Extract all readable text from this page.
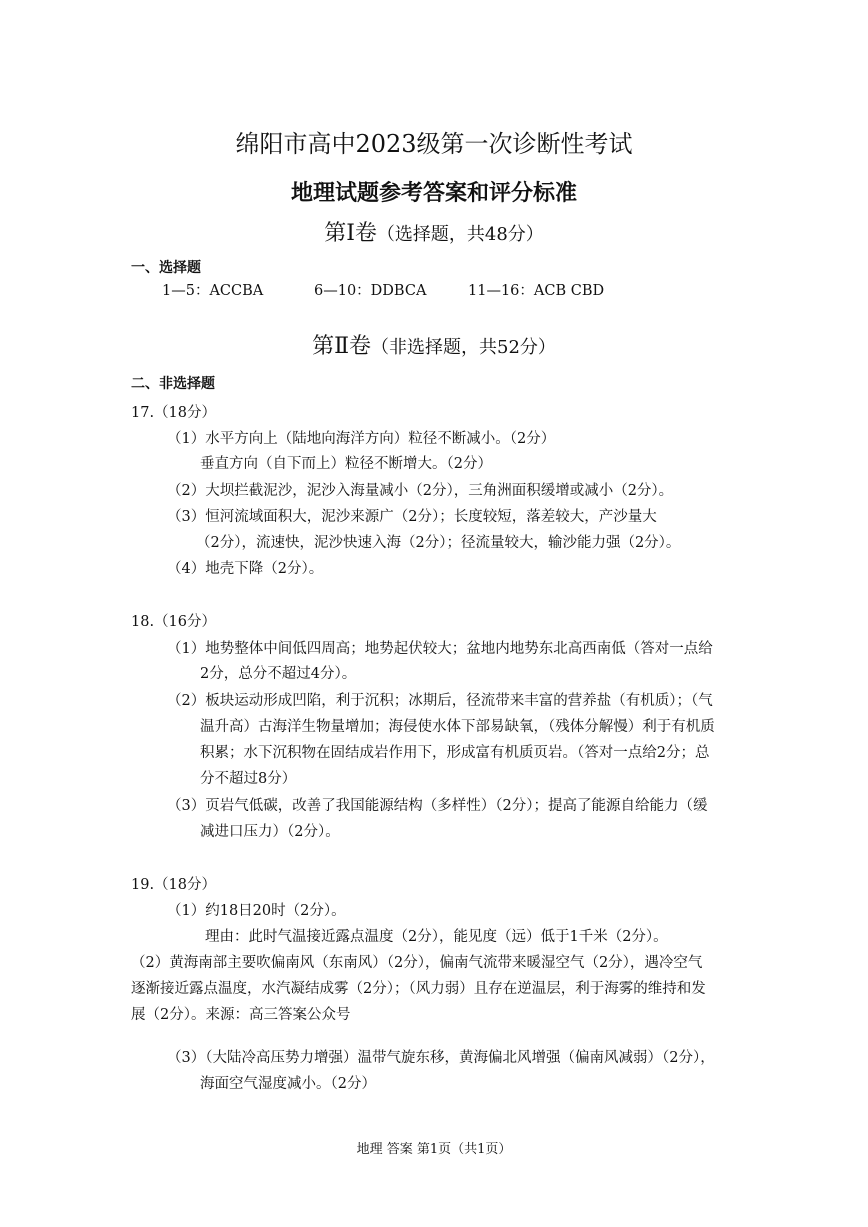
绵阳市高中2023级第一次诊断性考试
地理试题参考答案和评分标准
第Ⅰ卷（选择题，共48分）
一、选择题
1—5：ACCBA	6—10：DDBCA	11—16：ACB CBD
第Ⅱ卷（非选择题，共52分）
二、非选择题
17.（18分）
（1）水平方向上（陆地向海洋方向）粒径不断减小。（2分）
垂直方向（自下而上）粒径不断增大。（2分）
（2）大坝拦截泥沙，泥沙入海量减小（2分），三角洲面积缓增或减小（2分）。
（3）恒河流域面积大，泥沙来源广（2分）；长度较短，落差较大，产沙量大
（2分），流速快，泥沙快速入海（2分）；径流量较大，输沙能力强（2分）。
（4）地壳下降（2分）。
18.（16分）
（1）地势整体中间低四周高；地势起伏较大；盆地内地势东北高西南低（答对一点给
2分，总分不超过4分）。
（2）板块运动形成凹陷，利于沉积；冰期后，径流带来丰富的营养盐（有机质）；（气
温升高）古海洋生物量增加；海侵使水体下部易缺氧，（残体分解慢）利于有机质
积累；水下沉积物在固结成岩作用下，形成富有机质页岩。（答对一点给2分；总
分不超过8分）
（3）页岩气低碳，改善了我国能源结构（多样性）（2分）；提高了能源自给能力（缓
减进口压力）（2分）。
19.（18分）
（1）约18日20时（2分）。
理由：此时气温接近露点温度（2分），能见度（远）低于1千米（2分）。
（2）黄海南部主要吹偏南风（东南风）（2分），偏南气流带来暖湿空气（2分），遇冷空气
逐渐接近露点温度，水汽凝结成雾（2分）；（风力弱）且存在逆温层，利于海雾的维持和发
展（2分）。来源：高三答案公众号
（3）（大陆冷高压势力增强）温带气旋东移，黄海偏北风增强（偏南风减弱）（2分），
海面空气湿度减小。（2分）
地理 答案 第1页（共1页）
